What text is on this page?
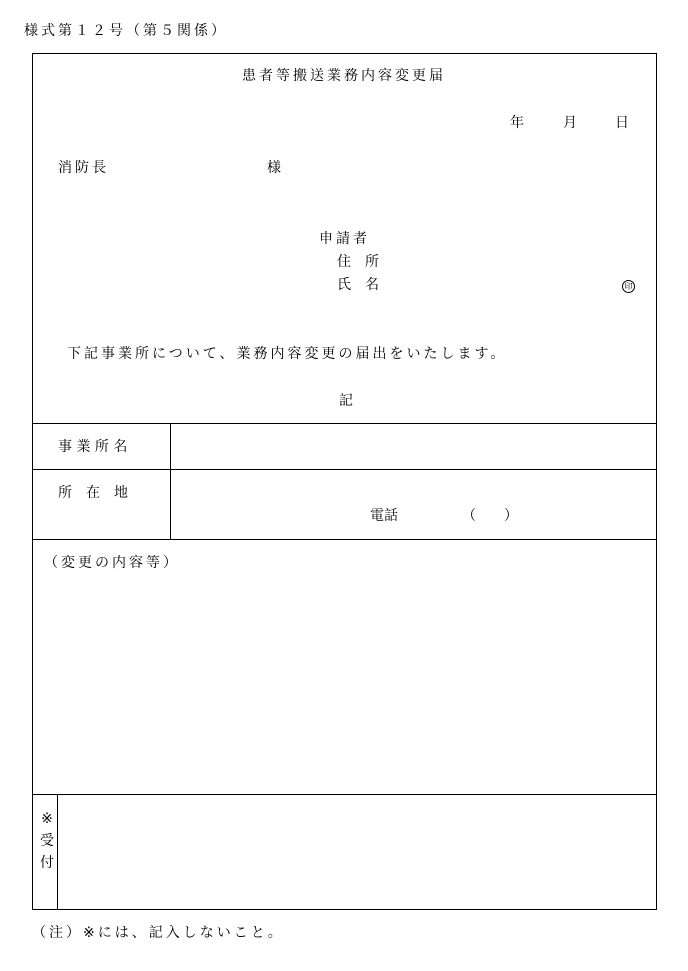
様式第１２号（第５関係）
患者等搬送業務内容変更届
年	月	日
消防長	様
申請者
住　所
氏　名	印
下記事業所について、業務内容変更の届出をいたします。
記
事 業 所 名
所　在　地
電話	（　　）
（変更の内容等）
※
受
付
（注）※には、記入しないこと。
